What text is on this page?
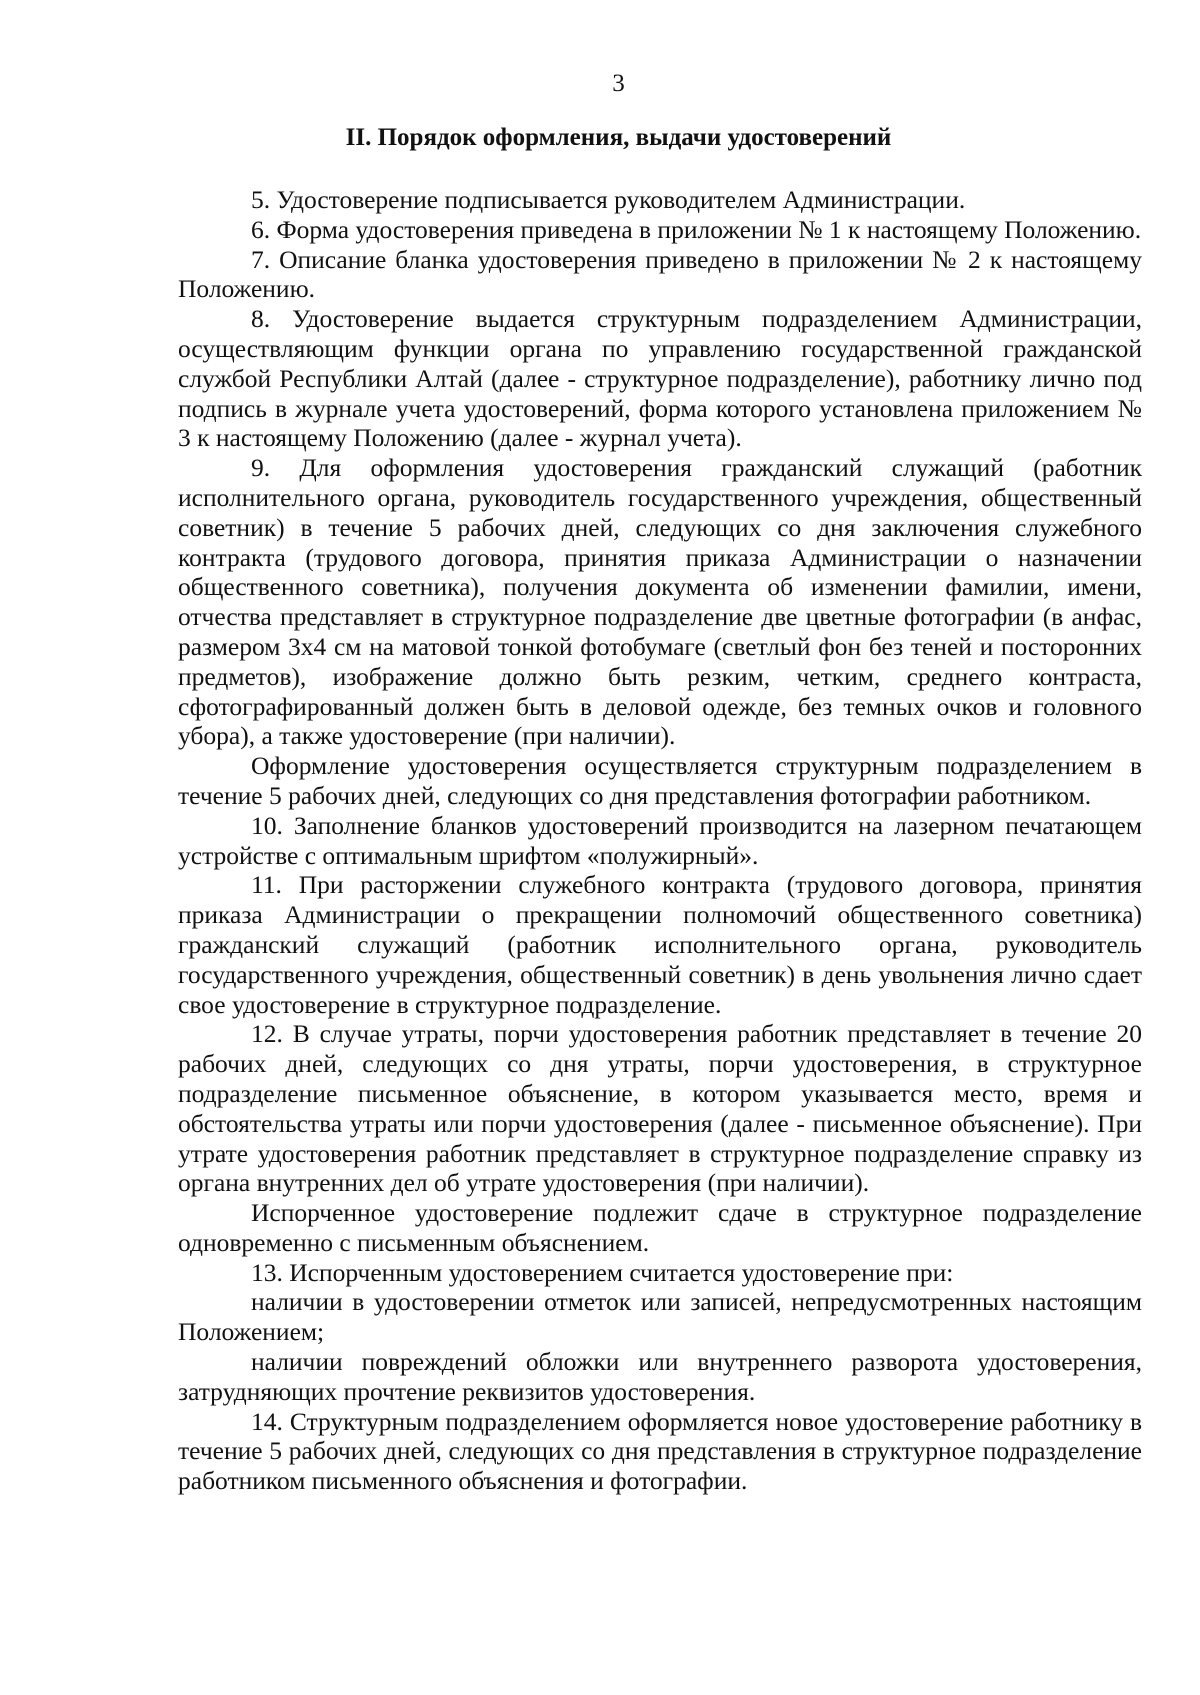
3
II. Порядок оформления, выдачи удостоверений

5. Удостоверение подписывается руководителем Администрации.

6. Форма удостоверения приведена в приложении № 1 к настоящему Положению.

7. Описание бланка удостоверения приведено в приложении № 2 к настоящему Положению.

8. Удостоверение выдается структурным подразделением Администрации, осуществляющим функции органа по управлению государственной гражданской службой Республики Алтай (далее - структурное подразделение), работнику лично под подпись в журнале учета удостоверений, форма которого установлена приложением № 3 к настоящему Положению (далее - журнал учета).

9. Для оформления удостоверения гражданский служащий (работник исполнительного органа, руководитель государственного учреждения, общественный советник) в течение 5 рабочих дней, следующих со дня заключения служебного контракта (трудового договора, принятия приказа Администрации о назначении общественного советника), получения документа об изменении фамилии, имени, отчества представляет в структурное подразделение две цветные фотографии (в анфас, размером 3x4 см на матовой тонкой фотобумаге (светлый фон без теней и посторонних предметов), изображение должно быть резким, четким, среднего контраста, сфотографированный должен быть в деловой одежде, без темных очков и головного убора), а также удостоверение (при наличии).

Оформление удостоверения осуществляется структурным подразделением в течение 5 рабочих дней, следующих со дня представления фотографии работником.

10. Заполнение бланков удостоверений производится на лазерном печатающем устройстве с оптимальным шрифтом «полужирный».

11. При расторжении служебного контракта (трудового договора, принятия приказа Администрации о прекращении полномочий общественного советника) гражданский служащий (работник исполнительного органа, руководитель государственного учреждения, общественный советник) в день увольнения лично сдает свое удостоверение в структурное подразделение.

12. В случае утраты, порчи удостоверения работник представляет в течение 20 рабочих дней, следующих со дня утраты, порчи удостоверения, в структурное подразделение письменное объяснение, в котором указывается место, время и обстоятельства утраты или порчи удостоверения (далее - письменное объяснение). При утрате удостоверения работник представляет в структурное подразделение справку из органа внутренних дел об утрате удостоверения (при наличии).

Испорченное удостоверение подлежит сдаче в структурное подразделение одновременно с письменным объяснением.

13. Испорченным удостоверением считается удостоверение при:

наличии в удостоверении отметок или записей, непредусмотренных настоящим Положением;

наличии повреждений обложки или внутреннего разворота удостоверения, затрудняющих прочтение реквизитов удостоверения.

14. Структурным подразделением оформляется новое удостоверение работнику в течение 5 рабочих дней, следующих со дня представления в структурное подразделение работником письменного объяснения и фотографии.
